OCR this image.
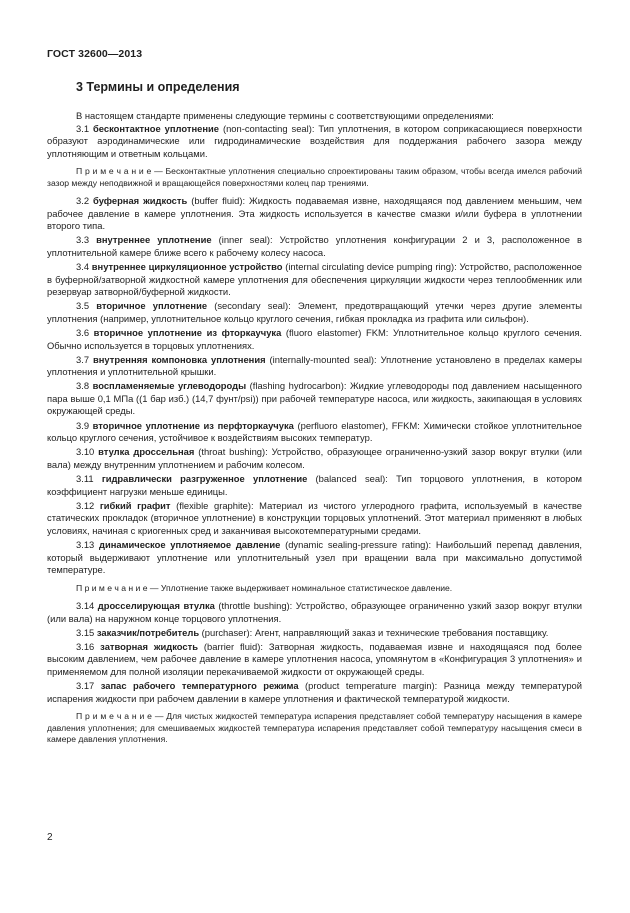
ГОСТ 32600—2013
3 Термины и определения

В настоящем стандарте применены следующие термины с соответствующими определениями:

3.1 бесконтактное уплотнение (non-contacting seal): Тип уплотнения, в котором соприкасающиеся поверхности образуют аэродинамические или гидродинамические воздействия для поддержания рабочего зазора между уплотняющим и ответным кольцами.

П р и м е ч а н и е — Бесконтактные уплотнения специально спроектированы таким образом, чтобы всегда имелся рабочий зазор между неподвижной и вращающейся поверхностями колец пар трениями.

3.2 буферная жидкость (buffer fluid): Жидкость подаваемая извне, находящаяся под давлением меньшим, чем рабочее давление в камере уплотнения. Эта жидкость используется в качестве смазки и/или буфера в уплотнении второго типа.

3.3 внутреннее уплотнение (inner seal): Устройство уплотнения конфигурации 2 и 3, расположенное в уплотнительной камере ближе всего к рабочему колесу насоса.

3.4 внутреннее циркуляционное устройство (internal circulating device pumping ring): Устройство, расположенное в буферной/затворной жидкостной камере уплотнения для обеспечения циркуляции жидкости через теплообменник или резервуар затворной/буферной жидкости.

3.5 вторичное уплотнение (secondary seal): Элемент, предотвращающий утечки через другие элементы уплотнения (например, уплотнительное кольцо круглого сечения, гибкая прокладка из графита или сильфон).

3.6 вторичное уплотнение из фторкаучука (fluoro elastomer) FKM: Уплотнительное кольцо круглого сечения. Обычно используется в торцовых уплотнениях.

3.7 внутренняя компоновка уплотнения (internally-mounted seal): Уплотнение установлено в пределах камеры уплотнения и уплотнительной крышки.

3.8 воспламеняемые углеводороды (flashing hydrocarbon): Жидкие углеводороды под давлением насыщенного пара выше 0,1 МПа ((1 бар изб.) (14,7 фунт/psi)) при рабочей температуре насоса, или жидкость, закипающая в условиях окружающей среды.

3.9 вторичное уплотнение из перфторкаучука (perfluoro elastomer), FFKM: Химически стойкое уплотнительное кольцо круглого сечения, устойчивое к воздействиям высоких температур.

3.10 втулка дроссельная (throat bushing): Устройство, образующее ограниченно-узкий зазор вокруг втулки (или вала) между внутренним уплотнением и рабочим колесом.

3.11 гидравлически разгруженное уплотнение (balanced seal): Тип торцового уплотнения, в котором коэффициент нагрузки меньше единицы.

3.12 гибкий графит (flexible graphite): Материал из чистого углеродного графита, используемый в качестве статических прокладок (вторичное уплотнение) в конструкции торцовых уплотнений. Этот материал применяют в любых условиях, начиная с криогенных сред и заканчивая высокотемпературными средами.

3.13 динамическое уплотняемое давление (dynamic sealing-pressure rating): Наибольший перепад давления, который выдерживают уплотнение или уплотнительный узел при вращении вала при максимально допустимой температуре.

П р и м е ч а н и е — Уплотнение также выдерживает номинальное статистическое давление.

3.14 дросселирующая втулка (throttle bushing): Устройство, образующее ограниченно узкий зазор вокруг втулки (или вала) на наружном конце торцового уплотнения.

3.15 заказчик/потребитель (purchaser): Агент, направляющий заказ и технические требования поставщику.

3.16 затворная жидкость (barrier fluid): Затворная жидкость, подаваемая извне и находящаяся под более высоким давлением, чем рабочее давление в камере уплотнения насоса, упомянутом в «Конфигурация 3 уплотнения» и применяемом для полной изоляции перекачиваемой жидкости от окружающей среды.

3.17 запас рабочего температурного режима (product temperature margin): Разница между температурой испарения жидкости при рабочем давлении в камере уплотнения и фактической температурой жидкости.

П р и м е ч а н и е — Для чистых жидкостей температура испарения представляет собой температуру насыщения в камере давления уплотнения; для смешиваемых жидкостей температура испарения представляет собой температуру насыщения смеси в камере давления уплотнения.

2
